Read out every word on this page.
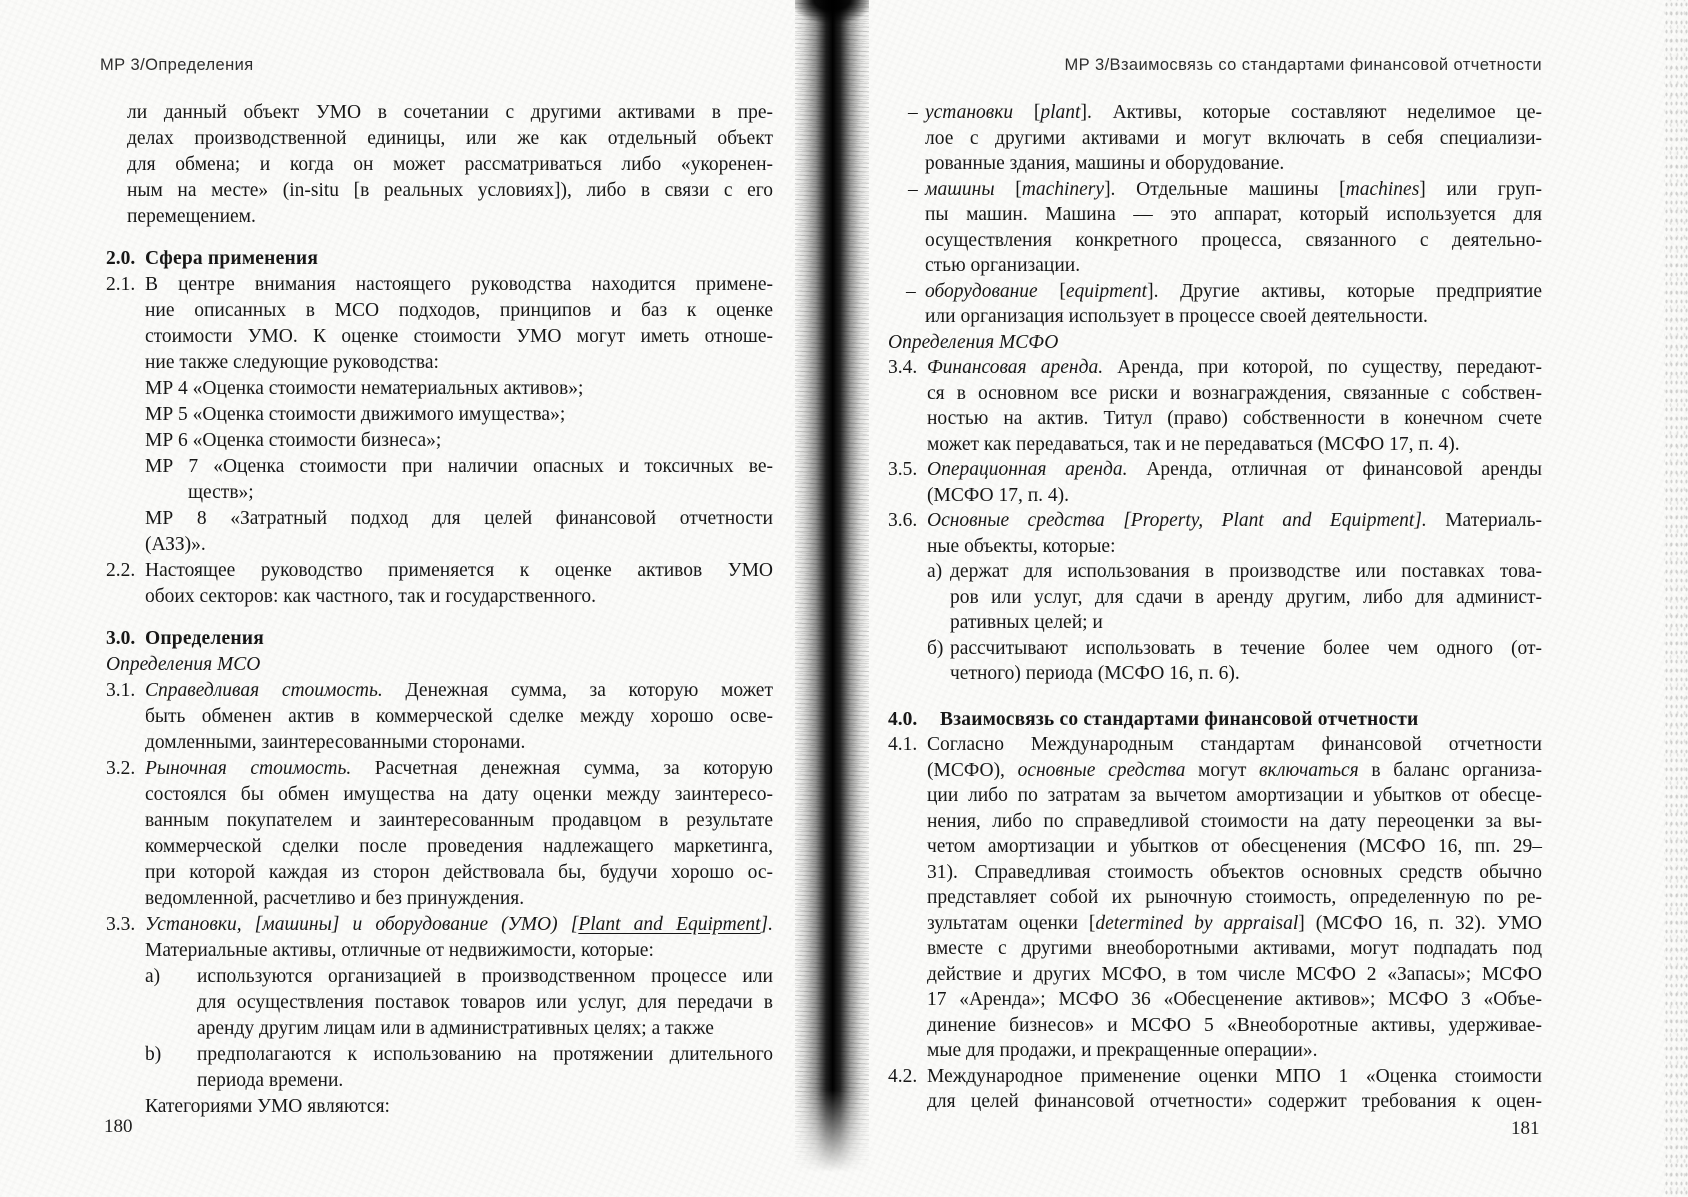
МР 3/Определения	МР 3/Взаимосвязь со стандартами финансовой отчетности
ли данный объект УМО в сочетании с другими активами в пре-
делах производственной единицы, или же как отдельный объект
для обмена; и когда он может рассматриваться либо «укоренен-
ным на месте» (in-situ [в реальных условиях]), либо в связи с его
перемещением.
2.0. Сфера применения
2.1. В центре внимания настоящего руководства находится примене-
ние описанных в МСО подходов, принципов и баз к оценке
стоимости УМО. К оценке стоимости УМО могут иметь отноше-
ние также следующие руководства:
МР 4 «Оценка стоимости нематериальных активов»;
МР 5 «Оценка стоимости движимого имущества»;
МР 6 «Оценка стоимости бизнеса»;
МР 7 «Оценка стоимости при наличии опасных и токсичных ве-
ществ»;
МР 8 «Затратный подход для целей финансовой отчетности
(АЗЗ)».
2.2. Настоящее руководство применяется к оценке активов УМО
обоих секторов: как частного, так и государственного.
3.0. Определения
Определения МСО
3.1. Справедливая стоимость. Денежная сумма, за которую может
быть обменен актив в коммерческой сделке между хорошо осве-
домленными, заинтересованными сторонами.
3.2. Рыночная стоимость. Расчетная денежная сумма, за которую
состоялся бы обмен имущества на дату оценки между заинтересо-
ванным покупателем и заинтересованным продавцом в результате
коммерческой сделки после проведения надлежащего маркетинга,
при которой каждая из сторон действовала бы, будучи хорошо ос-
ведомленной, расчетливо и без принуждения.
3.3. Установки, [машины] и оборудование (УМО) [Plant and Equipment].
Материальные активы, отличные от недвижимости, которые:
a) используются организацией в производственном процессе или
для осуществления поставок товаров или услуг, для передачи в
аренду другим лицам или в административных целях; а также
b) предполагаются к использованию на протяжении длительного
периода времени.
Категориями УМО являются:
– установки [plant]. Активы, которые составляют неделимое це-
лое с другими активами и могут включать в себя специализи-
рованные здания, машины и оборудование.
– машины [machinery]. Отдельные машины [machines] или груп-
пы машин. Машина — это аппарат, который используется для
осуществления конкретного процесса, связанного с деятельно-
стью организации.
– оборудование [equipment]. Другие активы, которые предприятие
или организация использует в процессе своей деятельности.
Определения МСФО
3.4. Финансовая аренда. Аренда, при которой, по существу, передают-
ся в основном все риски и вознаграждения, связанные с собствен-
ностью на актив. Титул (право) собственности в конечном счете
может как передаваться, так и не передаваться (МСФО 17, п. 4).
3.5. Операционная аренда. Аренда, отличная от финансовой аренды
(МСФО 17, п. 4).
3.6. Основные средства [Property, Plant and Equipment]. Материаль-
ные объекты, которые:
а) держат для использования в производстве или поставках това-
ров или услуг, для сдачи в аренду другим, либо для админист-
ративных целей; и
б) рассчитывают использовать в течение более чем одного (от-
четного) периода (МСФО 16, п. 6).
4.0. Взаимосвязь со стандартами финансовой отчетности
4.1. Согласно Международным стандартам финансовой отчетности
(МСФО), основные средства могут включаться в баланс организа-
ции либо по затратам за вычетом амортизации и убытков от обесце-
нения, либо по справедливой стоимости на дату переоценки за вы-
четом амортизации и убытков от обесценения (МСФО 16, пп. 29–
31). Справедливая стоимость объектов основных средств обычно
представляет собой их рыночную стоимость, определенную по ре-
зультатам оценки [determined by appraisal] (МСФО 16, п. 32). УМО
вместе с другими внеоборотными активами, могут подпадать под
действие и других МСФО, в том числе МСФО 2 «Запасы»; МСФО
17 «Аренда»; МСФО 36 «Обесценение активов»; МСФО 3 «Объе-
динение бизнесов» и МСФО 5 «Внеоборотные активы, удерживае-
мые для продажи, и прекращенные операции».
4.2. Международное применение оценки МПО 1 «Оценка стоимости
для целей финансовой отчетности» содержит требования к оцен-
180	181
